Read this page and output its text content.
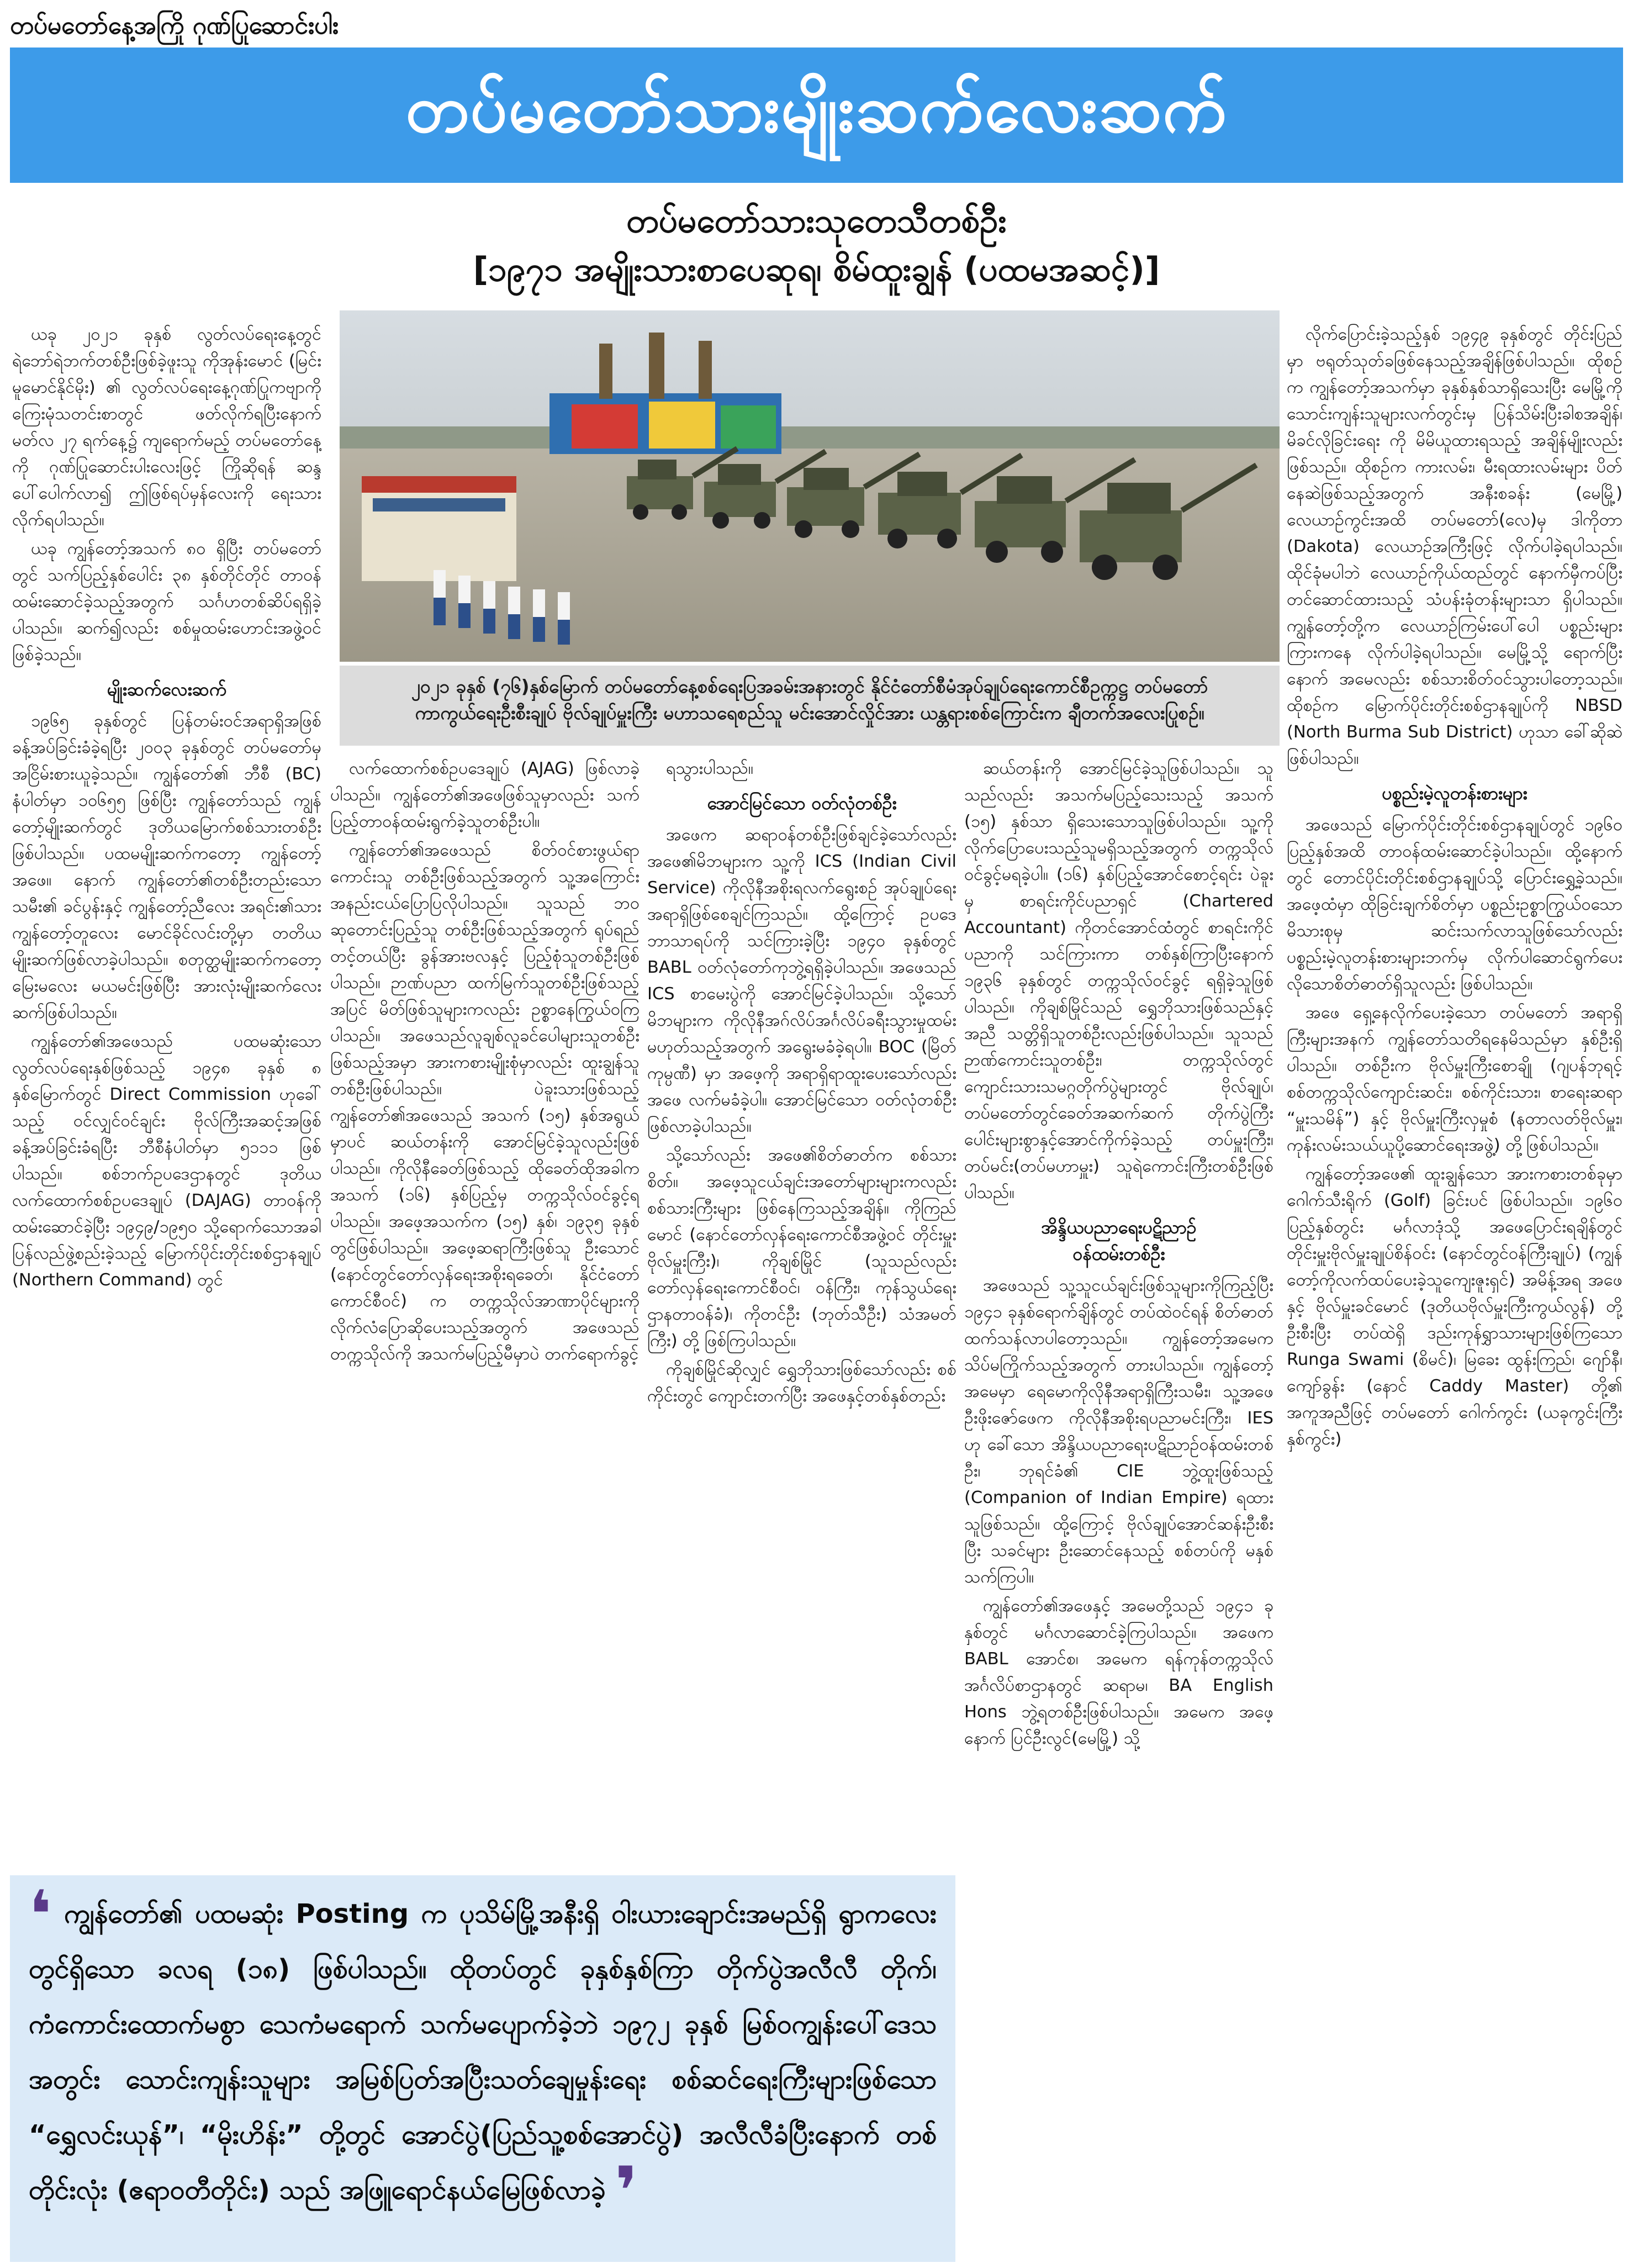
တပ်မတော်နေ့အကြို ဂုဏ်ပြုဆောင်းပါး
တပ်မတော်သားမျိုးဆက်လေးဆက်
တပ်မတော်သားသုတေသီတစ်ဦး
[၁၉၇၁ အမျိုးသားစာပေဆုရ၊ စိမ်ထူးချွန် (ပထမအဆင့်)]
၂၀၂၁ ခုနှစ် (၇၆)နှစ်မြောက် တပ်မတော်နေ့စစ်ရေးပြအခမ်းအနားတွင် နိုင်ငံတော်စီမံအုပ်ချုပ်ရေးကောင်စီဥက္ကဋ္ဌ တပ်မတော်ကာကွယ်ရေးဦးစီးချုပ် ဗိုလ်ချုပ်မှူးကြီး မဟာသရေစည်သူ မင်းအောင်လှိုင်အား ယန္တရားစစ်ကြောင်းက ချီတက်အလေးပြုစဉ်။

ယခု ၂၀၂၁ ခုနှစ် လွတ်လပ်ရေးနေ့တွင် ရဲဘော်ရဲဘက်တစ်ဦးဖြစ်ခဲ့ဖူးသူ ကိုအုန်းမောင် (မြင်းမူမောင်နိုင်မိုး) ၏ လွတ်လပ်ရေးနေ့ဂုဏ်ပြုကဗျာကို ကြေးမုံသတင်းစာတွင် ဖတ်လိုက်ရပြီးနောက် မတ်လ ၂၇ ရက်နေ့၌ ကျရောက်မည့် တပ်မတော်နေ့ကို ဂုဏ်ပြုဆောင်းပါးလေးဖြင့် ကြိုဆိုရန် ဆန္ဒပေါ်ပေါက်လာ၍ ဤဖြစ်ရပ်မှန်လေးကို ရေးသားလိုက်ရပါသည်။

ယခု ကျွန်တော့်အသက် ၈၀ ရှိပြီး တပ်မတော်တွင် သက်ပြည့်နှစ်ပေါင်း ၃၈ နှစ်တိုင်တိုင် တာဝန်ထမ်းဆောင်ခဲ့သည့်အတွက် သင်္ဂဟတစ်ဆိပ်ရရှိခဲ့ပါသည်။ ဆက်၍လည်း စစ်မှုထမ်းဟောင်းအဖွဲ့ဝင်ဖြစ်ခဲ့သည်။

မျိုးဆက်လေးဆက်

၁၉၆၅ ခုနှစ်တွင် ပြန်တမ်းဝင်အရာရှိအဖြစ် ခန့်အပ်ခြင်းခံခဲ့ရပြီး ၂၀၀၃ ခုနှစ်တွင် တပ်မတော်မှ အငြိမ်းစားယူခဲ့သည်။ ကျွန်တော်၏ ဘီစီ (BC) နံပါတ်မှာ ၁၀၆၅၅ ဖြစ်ပြီး ကျွန်တော်သည် ကျွန်တော့်မျိုးဆက်တွင် ဒုတိယမြောက်စစ်သားတစ်ဦးဖြစ်ပါသည်။ ပထမမျိုးဆက်ကတော့ ကျွန်တော့်အဖေ။ နောက် ကျွန်တော်၏တစ်ဦးတည်းသော သမီး၏ ခင်ပွန်းနှင့် ကျွန်တော့်ညီလေး အရင်း၏သား ကျွန်တော့်တူလေး မောင်ခိုင်လင်းတို့မှာ တတိယမျိုးဆက်ဖြစ်လာခဲ့ပါသည်။ စတုတ္ထမျိုးဆက်ကတော့ မြေးမလေး မယမင်းဖြစ်ပြီး အားလုံးမျိုးဆက်လေးဆက်ဖြစ်ပါသည်။

ကျွန်တော်၏အဖေသည် ပထမဆုံးသော လွတ်လပ်ရေးနှစ်ဖြစ်သည့် ၁၉၄၈ ခုနှစ် ၈ နှစ်မြောက်တွင် Direct Commission ဟုခေါ်သည့် ဝင်လျှင်ဝင်ချင်း ဗိုလ်ကြီးအဆင့်အဖြစ် ခန့်အပ်ခြင်းခံရပြီး ဘီစီနံပါတ်မှာ ၅၁၁၁ ဖြစ်ပါသည်။ စစ်ဘက်ဥပဒေဌာနတွင် ဒုတိယလက်ထောက်စစ်ဥပဒေချုပ် (DAJAG) တာဝန်ကို ထမ်းဆောင်ခဲ့ပြီး ၁၉၄၉/၁၉၅၀ သို့ရောက်သောအခါ ပြန်လည်ဖွဲ့စည်းခဲ့သည့် မြောက်ပိုင်းတိုင်းစစ်ဌာနချုပ် (Northern Command) တွင်

လက်ထောက်စစ်ဥပဒေချုပ် (AJAG) ဖြစ်လာခဲ့ပါသည်။ ကျွန်တော်၏အဖေဖြစ်သူမှာလည်း သက်ပြည့်တာဝန်ထမ်းရွက်ခဲ့သူတစ်ဦးပါ။

ကျွန်တော်၏အဖေသည် စိတ်ဝင်စားဖွယ်ရာကောင်းသူ တစ်ဦးဖြစ်သည့်အတွက် သူ့အကြောင်းအနည်းငယ်ပြောပြလိုပါသည်။ သူသည် ဘဝဆုတောင်းပြည့်သူ တစ်ဦးဖြစ်သည့်အတွက် ရုပ်ရည်တင့်တယ်ပြီး ခွန်အားဗလနှင့် ပြည့်စုံသူတစ်ဦးဖြစ်ပါသည်။ ဉာဏ်ပညာ ထက်မြက်သူတစ်ဦးဖြစ်သည့်အပြင် မိတ်ဖြစ်သူများကလည်း ဥစ္စာနေကြွယ်ဝကြပါသည်။ အဖေသည်လူချစ်လူခင်ပေါများသူတစ်ဦး ဖြစ်သည့်အမှာ အားကစားမျိုးစုံမှာလည်း ထူးချွန်သူတစ်ဦးဖြစ်ပါသည်။ ပဲခူးသားဖြစ်သည့် ကျွန်တော်၏အဖေသည် အသက် (၁၅) နှစ်အရွယ်မှာပင် ဆယ်တန်းကို အောင်မြင်ခဲ့သူလည်းဖြစ်ပါသည်။ ကိုလိုနီခေတ်ဖြစ်သည့် ထိုခေတ်ထိုအခါက အသက် (၁၆) နှစ်ပြည့်မှ တက္ကသိုလ်ဝင်ခွင့်ရပါသည်။ အဖေ့အသက်က (၁၅) နှစ်၊ ၁၉၃၅ ခုနှစ်တွင်ဖြစ်ပါသည်။ အဖေ့ဆရာကြီးဖြစ်သူ ဦးသောင် (နောင်တွင်တော်လှန်ရေးအစိုးရခေတ်၊ နိုင်ငံတော်ကောင်စီဝင်) က တက္ကသိုလ်အာဏာပိုင်များကို လိုက်လံပြောဆိုပေးသည့်အတွက် အဖေသည် တက္ကသိုလ်ကို အသက်မပြည့်မီမှာပဲ တက်ရောက်ခွင့်

ရသွားပါသည်။

အောင်မြင်သော ဝတ်လုံတစ်ဦး

အဖေက ဆရာဝန်တစ်ဦးဖြစ်ချင်ခဲ့သော်လည်း အဖေ၏မိဘများက သူ့ကို ICS (Indian Civil Service) ကိုလိုနီအစိုးရလက်ရွေးစဉ် အုပ်ချုပ်ရေးအရာရှိဖြစ်စေချင်ကြသည်။ ထို့ကြောင့် ဥပဒေဘာသာရပ်ကို သင်ကြားခဲ့ပြီး ၁၉၄၀ ခုနှစ်တွင် BABL ဝတ်လုံတော်ကုဘွဲ့ရရှိခဲ့ပါသည်။ အဖေသည် ICS စာမေးပွဲကို အောင်မြင်ခဲ့ပါသည်။ သို့သော် မိဘများက ကိုလိုနီအဂ်လိပ်အင်္ဂလိပ်ခရီးသွားမှုထမ်းမဟုတ်သည့်အတွက် အရွေးမခံခဲ့ရပါ။ BOC (မြိတ်ကုမ္ပဏီ) မှာ အဖေ့ကို အရာရှိရာထူးပေးသော်လည်း အဖေ လက်မခံခဲ့ပါ။ အောင်မြင်သော ဝတ်လုံတစ်ဦးဖြစ်လာခဲ့ပါသည်။

သို့သော်လည်း အဖေ၏စိတ်ဓာတ်က စစ်သားစိတ်။ အဖေ့သူငယ်ချင်းအတော်များများကလည်း စစ်သားကြီးများ ဖြစ်နေကြသည့်အချိန်။ ကိုကြည်မောင် (နောင်တော်လှန်ရေးကောင်စီအဖွဲ့ဝင် တိုင်းမှူး ဗိုလ်မှူးကြီး)၊ ကိုချစ်မြိုင် (သူသည်လည်း တော်လှန်ရေးကောင်စီဝင်၊ ဝန်ကြီး၊ ကုန်သွယ်ရေးဌာနတာဝန်ခံ)၊ ကိုတင်ဦး (ဘုတ်သီဦး) သံအမတ်ကြီး) တို့ ဖြစ်ကြပါသည်။

ကိုချစ်မြိုင်ဆိုလျှင် ရွှေဘိုသားဖြစ်သော်လည်း စစ်ကိုင်းတွင် ကျောင်းတက်ပြီး အဖေနှင့်တစ်နှစ်တည်း

ဆယ်တန်းကို အောင်မြင်ခဲ့သူဖြစ်ပါသည်။ သူသည်လည်း အသက်မပြည့်သေးသည့် အသက် (၁၅) နှစ်သာ ရှိသေးသောသူဖြစ်ပါသည်။ သူ့ကို လိုက်ပြောပေးသည့်သူမရှိသည့်အတွက် တက္ကသိုလ်ဝင်ခွင့်မရခဲ့ပါ။ (၁၆) နှစ်ပြည့်အောင်စောင့်ရင်း ပဲခူးမှ စာရင်းကိုင်ပညာရှင် (Chartered Accountant) ကိုတင်အောင်ထံတွင် စာရင်းကိုင်ပညာကို သင်ကြားကာ တစ်နှစ်ကြာပြီးနောက် ၁၉၃၆ ခုနှစ်တွင် တက္ကသိုလ်ဝင်ခွင့် ရရှိခဲ့သူဖြစ်ပါသည်။ ကိုချစ်မြိုင်သည် ရွှေဘိုသားဖြစ်သည်နှင့်အညီ သတ္တိရှိသူတစ်ဦးလည်းဖြစ်ပါသည်။ သူသည်ဉာဏ်ကောင်းသူတစ်ဦး၊ တက္ကသိုလ်တွင် ကျောင်းသားသမဂ္ဂတိုက်ပွဲများတွင် ဗိုလ်ချုပ်၊ တပ်မတော်တွင်ခေတ်အဆက်ဆက် တိုက်ပွဲကြီးပေါင်းများစွာနှင့်အောင်ကိုက်ခဲ့သည့် တပ်မှူးကြီး၊ တပ်မင်း(တပ်မဟာမှူး) သူရဲကောင်းကြီးတစ်ဦးဖြစ်ပါသည်။

အိန္ဒိယပညာရေးပဋိညာဉ်
ဝန်ထမ်းတစ်ဦး

အဖေသည် သူ့သူငယ်ချင်းဖြစ်သူများကိုကြည့်ပြီး ၁၉၄၁ ခုနှစ်ရောက်ချိန်တွင် တပ်ထဲဝင်ရန် စိတ်ဓာတ်ထက်သန်လာပါတော့သည်။ ကျွန်တော့်အမေက သိပ်မကြိုက်သည့်အတွက် တားပါသည်။ ကျွန်တော့်အမေမှာ ရေမောကိုလိုနီအရာရှိကြီးသမီး၊ သူ့အဖေ ဦးဖိုးဇော်ဖေက ကိုလိုနီအစိုးရပညာမင်းကြီး၊ IES ဟု ခေါ်သော အိန္ဒိယပညာရေးပဋိညာဉ်ဝန်ထမ်းတစ်ဦး၊ ဘုရင်ခံ၏ CIE ဘွဲ့ထူးဖြစ်သည့် (Companion of Indian Empire) ရထားသူဖြစ်သည်။ ထို့ကြောင့် ဗိုလ်ချုပ်အောင်ဆန်းဦးစီးပြီး သခင်များ ဦးဆောင်နေသည့် စစ်တပ်ကို မနှစ်သက်ကြပါ။

ကျွန်တော်၏အဖေနှင့် အမေတို့သည် ၁၉၄၁ ခုနှစ်တွင် မင်္ဂလာဆောင်ခဲ့ကြပါသည်။ အဖေက BABL အောင်စ၊ အမေက ရန်ကုန်တက္ကသိုလ် အင်္ဂလိပ်စာဌာနတွင် ဆရာမ၊ BA English Hons ဘွဲ့ရတစ်ဦးဖြစ်ပါသည်။ အမေက အဖေ့ နောက် ပြင်ဦးလွင်(မေမြို့) သို့

လိုက်ပြောင်းခဲ့သည့်နှစ် ၁၉၄၉ ခုနှစ်တွင် တိုင်းပြည်မှာ ဗရုတ်သုတ်ခဖြစ်နေသည့်အချိန်ဖြစ်ပါသည်။ ထိုစဉ်က ကျွန်တော့်အသက်မှာ ခုနှစ်နှစ်သာရှိသေးပြီး မေမြို့ကို သောင်းကျန်းသူများလက်တွင်းမှ ပြန်သိမ်းပြီးခါစအချိန်၊ မိခင်လိုခြင်းရေး ကို မိမိယူထားရသည့် အချိန်မျိုးလည်းဖြစ်သည်။ ထိုစဉ်က ကားလမ်း၊ မီးရထားလမ်းများ ပိတ်နေဆဲဖြစ်သည့်အတွက် အနီးစခန်း (မေမြို့) လေယာဉ်ကွင်းအထိ တပ်မတော်(လေ)မှ ဒါကိုတာ (Dakota) လေယာဉ်အကြီးဖြင့် လိုက်ပါခဲ့ရပါသည်။ ထိုင်ခုံမပါဘဲ လေယာဉ်ကိုယ်ထည်တွင် နောက်မှီကပ်ပြီး တင်ဆောင်ထားသည့် သံပန်းခုံတန်းများသာ ရှိပါသည်။ ကျွန်တော့်တို့က လေယာဉ်ကြမ်းပေါ်ပေါ ပစ္စည်းများကြားကနေ လိုက်ပါခဲ့ရပါသည်။ မေမြို့သို့ ရောက်ပြီးနောက် အမေလည်း စစ်သားစိတ်ဝင်သွားပါတော့သည်။ ထိုစဉ်က မြောက်ပိုင်းတိုင်းစစ်ဌာနချုပ်ကို NBSD (North Burma Sub District) ဟုသာ ခေါ်ဆိုဆဲဖြစ်ပါသည်။

ပစ္စည်းမဲ့လူတန်းစားများ

အဖေသည် မြောက်ပိုင်းတိုင်းစစ်ဌာနချုပ်တွင် ၁၉၆၀ ပြည့်နှစ်အထိ တာဝန်ထမ်းဆောင်ခဲ့ပါသည်။ ထို့နောက်တွင် တောင်ပိုင်းတိုင်းစစ်ဌာနချုပ်သို့ ပြောင်းရွှေ့ခဲ့သည်။ အဖေ့ထံမှာ ထိုခြင်းချက်စိတ်မှာ ပစ္စည်းဥစ္စာကြွယ်ဝသော မိသားစုမှ ဆင်းသက်လာသူဖြစ်သော်လည်း ပစ္စည်းမဲ့လူတန်းစားများဘက်မှ လိုက်ပါဆောင်ရွက်ပေးလိုသောစိတ်ဓာတ်ရှိသူလည်း ဖြစ်ပါသည်။

အဖေ ရှေ့နေလိုက်ပေးခဲ့သော တပ်မတော် အရာရှိကြီးများအနက် ကျွန်တော်သတိရနေမိသည်မှာ နှစ်ဦးရှိပါသည်။ တစ်ဦးက ဗိုလ်မှူးကြီးစောချို (ဂျပန်ဘုရင့်စစ်တက္ကသိုလ်ကျောင်းဆင်း၊ စစ်ကိုင်းသား၊ စာရေးဆရာ “မှူးသမိန်”) နှင့် ဗိုလ်မှူးကြီးလှမှုစံ (နတာလတ်ဗိုလ်မှူး၊ ကုန်းလမ်းသယ်ယူပို့ဆောင်ရေးအဖွဲ့) တို့ဖြစ်ပါသည်။

ကျွန်တော့်အဖေ၏ ထူးချွန်သော အားကစားတစ်ခုမှာ ဂေါက်သီးရိုက် (Golf) ခြင်းပင် ဖြစ်ပါသည်။ ၁၉၆၀ ပြည့်နှစ်တွင်း မင်္ဂလာဒုံသို့ အဖေပြောင်းရချိန်တွင် တိုင်းမှူးဗိုလ်မှူးချုပ်စိန်ဝင်း (နောင်တွင်ဝန်ကြီးချုပ်) (ကျွန်တော့်ကိုလက်ထပ်ပေးခဲ့သူကျေးဇူးရှင်) အမိန့်အရ အဖေနှင့် ဗိုလ်မှူးခင်မောင် (ဒုတိယဗိုလ်မှူးကြီးကွယ်လွန်) တို့ ဦးစီးပြီး တပ်ထဲရှိ ဒည်းကုန်ရွှာသားများဖြစ်ကြသော Runga Swami (စိမင်)၊ မြခေး ထွန်းကြည်၊ ဂျော်နီ၊ ကျော်ခွန်း (နောင် Caddy Master) တို့၏ အကူအညီဖြင့် တပ်မတော် ဂေါက်ကွင်း (ယခုကွင်းကြီးနှစ်ကွင်း)

❛ ကျွန်တော်၏ ပထမဆုံး Posting က ပုသိမ်မြို့အနီးရှိ ဝါးယားချောင်းအမည်ရှိ ရွာကလေးတွင်ရှိသော ခလရ (၁၈) ဖြစ်ပါသည်။ ထိုတပ်တွင် ခုနှစ်နှစ်ကြာ တိုက်ပွဲအလီလီ တိုက်၊ ကံကောင်းထောက်မစွာ သေကံမရောက် သက်မပျောက်ခဲ့ဘဲ ၁၉၇၂ ခုနှစ် မြစ်ဝကျွန်းပေါ်ဒေသအတွင်း သောင်းကျန်းသူများ အမြစ်ပြတ်အပြီးသတ်ချေမှုန်းရေး စစ်ဆင်ရေးကြီးများဖြစ်သော “ရွှေလင်းယုန်”၊ “မိုးဟိန်း” တို့တွင် အောင်ပွဲ(ပြည်သူ့စစ်အောင်ပွဲ) အလီလီခံပြီးနောက် တစ်တိုင်းလုံး (ဧရာဝတီတိုင်း) သည် အဖြူရောင်နယ်မြေဖြစ်လာခဲ့ ❜
